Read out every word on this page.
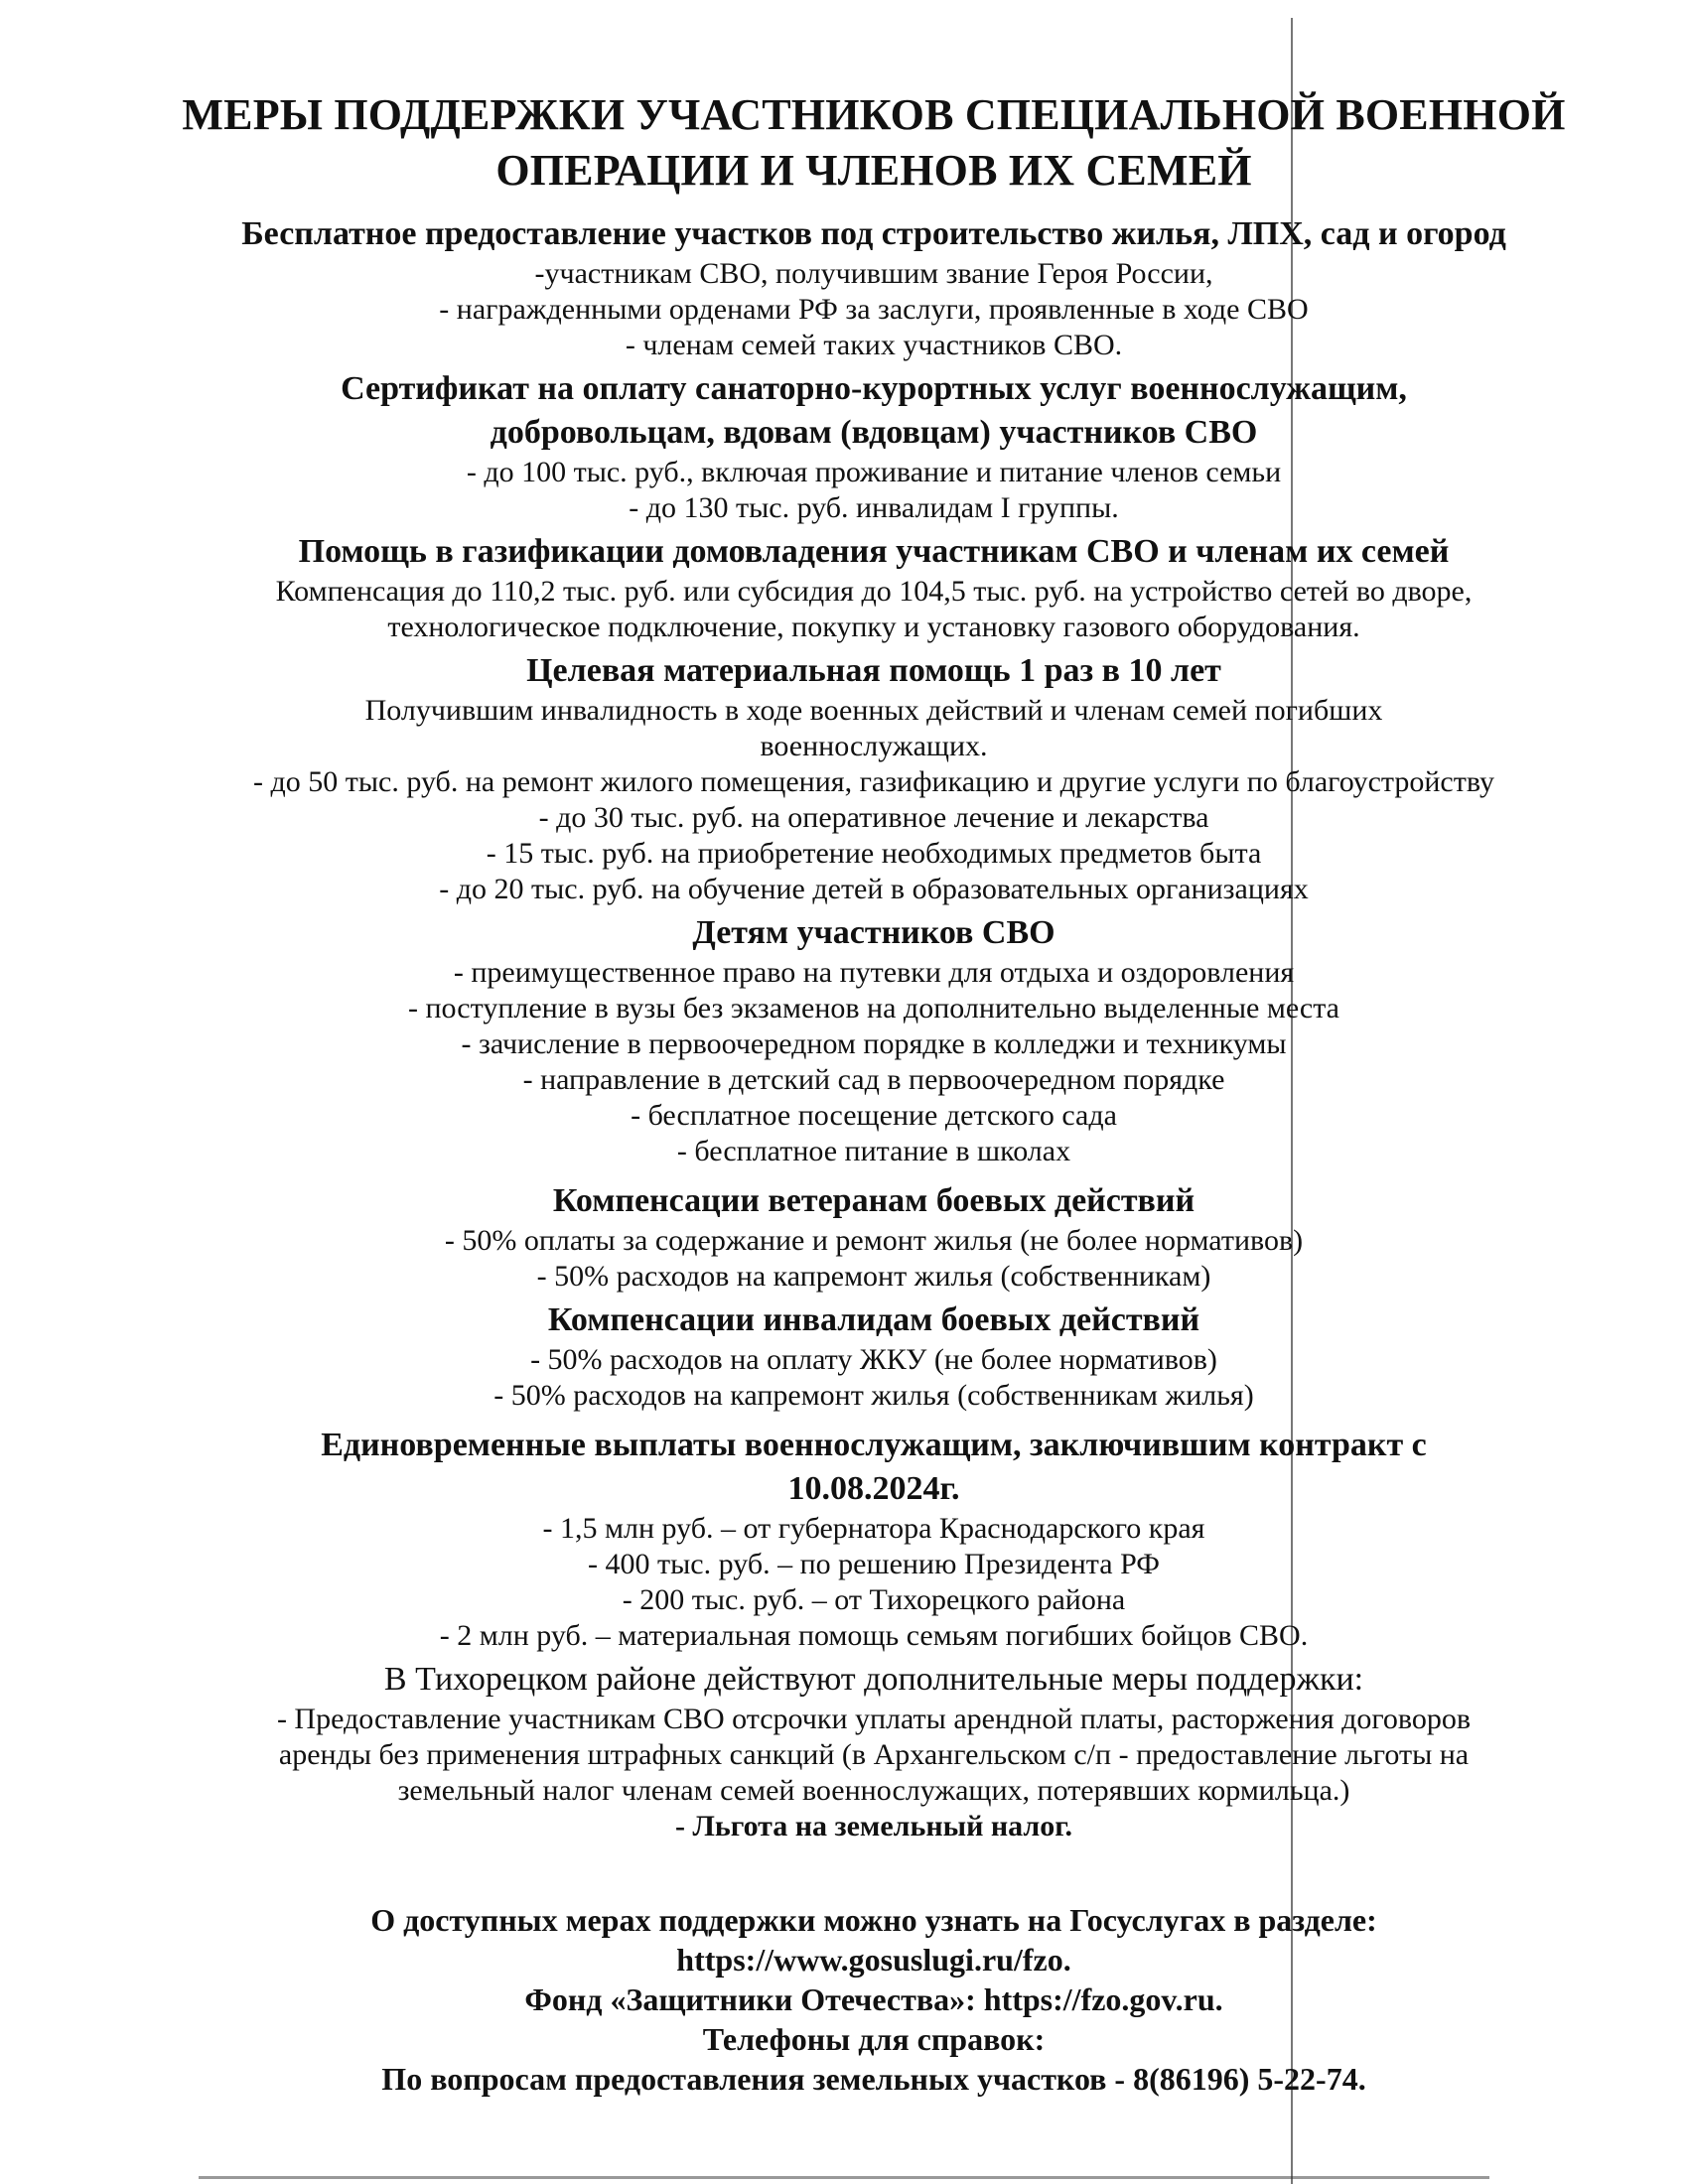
МЕРЫ ПОДДЕРЖКИ УЧАСТНИКОВ СПЕЦИАЛЬНОЙ ВОЕННОЙ
ОПЕРАЦИИ И ЧЛЕНОВ ИХ СЕМЕЙ

Бесплатное предоставление участков под строительство жилья, ЛПХ, сад и огород

-участникам СВО, получившим звание Героя России,

- награжденными орденами РФ за заслуги, проявленные в ходе СВО

- членам семей таких участников СВО.

Сертификат на оплату санаторно-курортных услуг военнослужащим,

добровольцам, вдовам (вдовцам) участников СВО

- до 100 тыс. руб., включая проживание и питание членов семьи

- до 130 тыс. руб. инвалидам I группы.

Помощь в газификации домовладения участникам СВО и членам их семей

Компенсация до 110,2 тыс. руб. или субсидия до 104,5 тыс. руб. на устройство сетей во дворе,

технологическое подключение, покупку и установку газового оборудования.

Целевая материальная помощь 1 раз в 10 лет

Получившим инвалидность в ходе военных действий и членам семей погибших

военнослужащих.

- до 50 тыс. руб. на ремонт жилого помещения, газификацию и другие услуги по благоустройству

- до 30 тыс. руб. на оперативное лечение и лекарства

- 15 тыс. руб. на приобретение необходимых предметов быта

- до 20 тыс. руб. на обучение детей в образовательных организациях

Детям участников СВО

- преимущественное право на путевки для отдыха и оздоровления

- поступление в вузы без экзаменов на дополнительно выделенные места

- зачисление в первоочередном порядке в колледжи и техникумы

- направление в детский сад в первоочередном порядке

- бесплатное посещение детского сада

- бесплатное питание в школах

Компенсации ветеранам боевых действий

- 50% оплаты за содержание и ремонт жилья (не более нормативов)

- 50% расходов на капремонт жилья (собственникам)

Компенсации инвалидам боевых действий

- 50% расходов на оплату ЖКУ (не более нормативов)

- 50% расходов на капремонт жилья (собственникам жилья)

Единовременные выплаты военнослужащим, заключившим контракт с

10.08.2024г.

- 1,5 млн руб. – от губернатора Краснодарского края

- 400 тыс. руб. – по решению Президента РФ

- 200 тыс. руб. – от Тихорецкого района

- 2 млн руб. – материальная помощь семьям погибших бойцов СВО.

В Тихорецком районе действуют дополнительные меры поддержки:

- Предоставление участникам СВО отсрочки уплаты арендной платы, расторжения договоров

аренды без применения штрафных санкций (в Архангельском с/п - предоставление льготы на

земельный налог членам семей военнослужащих, потерявших кормильца.)

- Льгота на земельный налог.

О доступных мерах поддержки можно узнать на Госуслугах в разделе:

https://www.gosuslugi.ru/fzo.

Фонд «Защитники Отечества»: https://fzo.gov.ru.

Телефоны для справок:

По вопросам предоставления земельных участков - 8(86196) 5-22-74.
